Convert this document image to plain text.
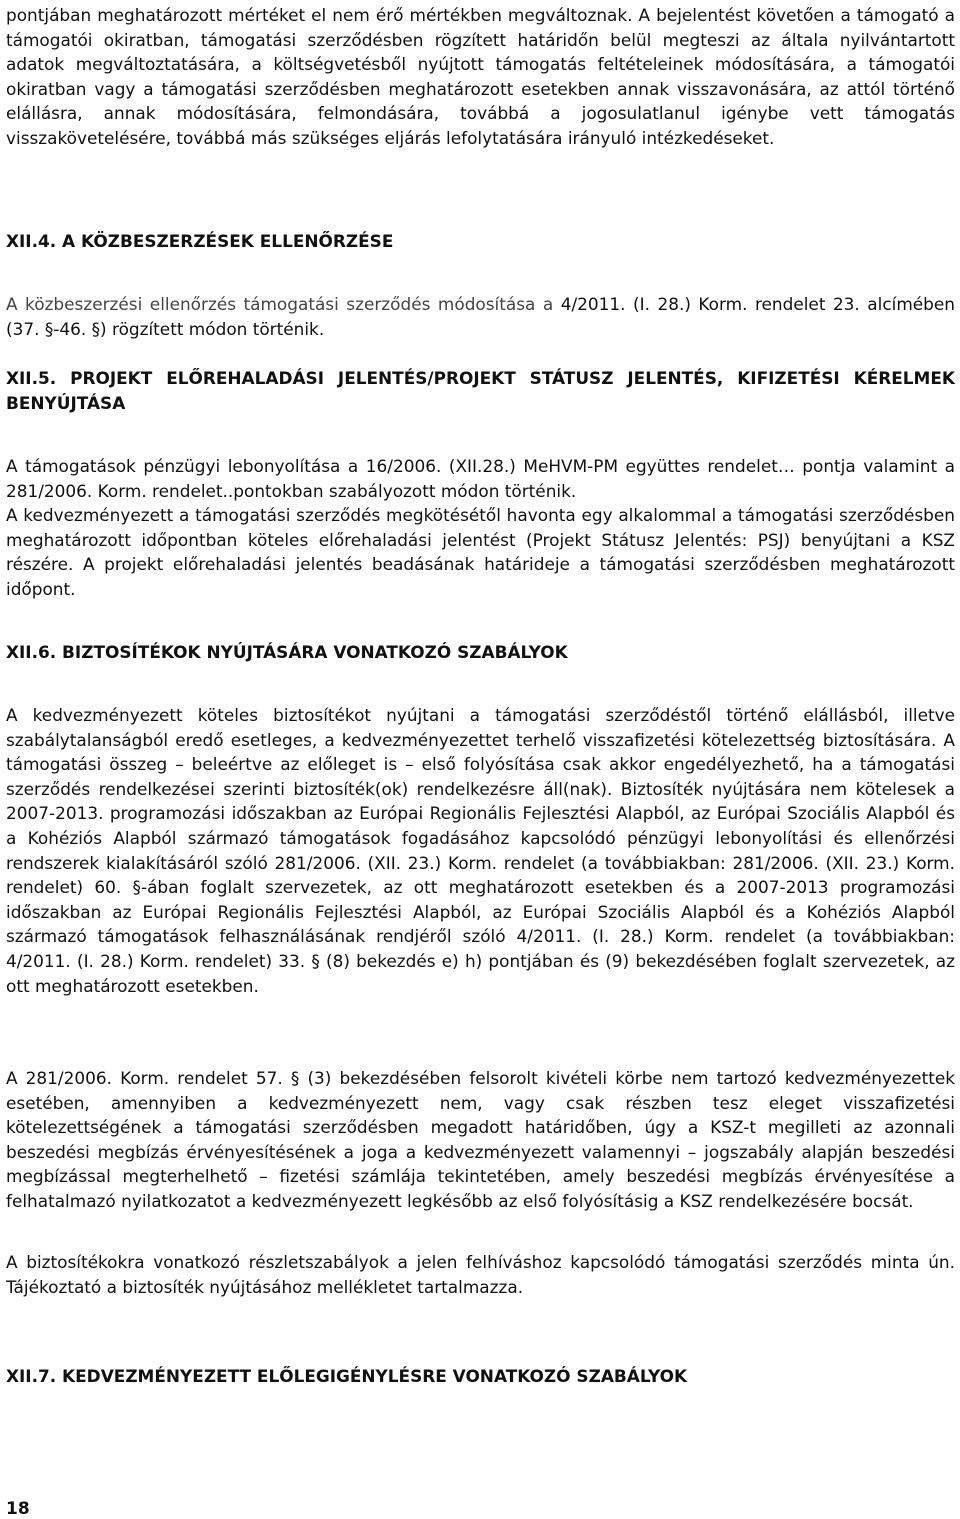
pontjában meghatározott mértéket el nem érő mértékben megváltoznak. A bejelentést követően a támogató a támogatói okiratban, támogatási szerződésben rögzített határidőn belül megteszi az általa nyilvántartott adatok megváltoztatására, a költségvetésből nyújtott támogatás feltételeinek módosítására, a támogatói okiratban vagy a támogatási szerződésben meghatározott esetekben annak visszavonására, az attól történő elállásra, annak módosítására, felmondására, továbbá a jogosulatlanul igénybe vett támogatás visszakövetelésére, továbbá más szükséges eljárás lefolytatására irányuló intézkedéseket.

XII.4. A KÖZBESZERZÉSEK ELLENŐRZÉSE

A közbeszerzési ellenőrzés támogatási szerződés módosítása a 4/2011. (I. 28.) Korm. rendelet 23. alcímében (37. §-46. §) rögzített módon történik.

XII.5. PROJEKT ELŐREHALADÁSI JELENTÉS/PROJEKT STÁTUSZ JELENTÉS, KIFIZETÉSI KÉRELMEK BENYÚJTÁSA

A támogatások pénzügyi lebonyolítása a 16/2006. (XII.28.) MeHVM-PM együttes rendelet… pontja valamint a 281/2006. Korm. rendelet..pontokban szabályozott módon történik.

A kedvezményezett a támogatási szerződés megkötésétől havonta egy alkalommal a támogatási szerződésben meghatározott időpontban köteles előrehaladási jelentést (Projekt Státusz Jelentés: PSJ) benyújtani a KSZ részére. A projekt előrehaladási jelentés beadásának határideje a támogatási szerződésben meghatározott időpont.

XII.6. BIZTOSÍTÉKOK NYÚJTÁSÁRA VONATKOZÓ SZABÁLYOK

A kedvezményezett köteles biztosítékot nyújtani a támogatási szerződéstől történő elállásból, illetve szabálytalanságból eredő esetleges, a kedvezményezettet terhelő visszafizetési kötelezettség biztosítására. A támogatási összeg – beleértve az előleget is – első folyósítása csak akkor engedélyezhető, ha a támogatási szerződés rendelkezései szerinti biztosíték(ok) rendelkezésre áll(nak). Biztosíték nyújtására nem kötelesek a 2007-2013. programozási időszakban az Európai Regionális Fejlesztési Alapból, az Európai Szociális Alapból és a Kohéziós Alapból származó támogatások fogadásához kapcsolódó pénzügyi lebonyolítási és ellenőrzési rendszerek kialakításáról szóló 281/2006. (XII. 23.) Korm. rendelet (a továbbiakban: 281/2006. (XII. 23.) Korm. rendelet) 60. §-ában foglalt szervezetek, az ott meghatározott esetekben és a 2007-2013 programozási időszakban az Európai Regionális Fejlesztési Alapból, az Európai Szociális Alapból és a Kohéziós Alapból származó támogatások felhasználásának rendjéről szóló 4/2011. (I. 28.) Korm. rendelet (a továbbiakban: 4/2011. (I. 28.) Korm. rendelet) 33. § (8) bekezdés e) h) pontjában és (9) bekezdésében foglalt szervezetek, az ott meghatározott esetekben.

A 281/2006. Korm. rendelet 57. § (3) bekezdésében felsorolt kivételi körbe nem tartozó kedvezményezettek esetében, amennyiben a kedvezményezett nem, vagy csak részben tesz eleget visszafizetési kötelezettségének a támogatási szerződésben megadott határidőben, úgy a KSZ-t megilleti az azonnali beszedési megbízás érvényesítésének a joga a kedvezményezett valamennyi – jogszabály alapján beszedési megbízással megterhelhető – fizetési számlája tekintetében, amely beszedési megbízás érvényesítése a felhatalmazó nyilatkozatot a kedvezményezett legkésőbb az első folyósításig a KSZ rendelkezésére bocsát.

A biztosítékokra vonatkozó részletszabályok a jelen felhíváshoz kapcsolódó támogatási szerződés minta ún. Tájékoztató a biztosíték nyújtásához mellékletet tartalmazza.

XII.7. KEDVEZMÉNYEZETT ELŐLEGIGÉNYLÉSRE VONATKOZÓ SZABÁLYOK

18
